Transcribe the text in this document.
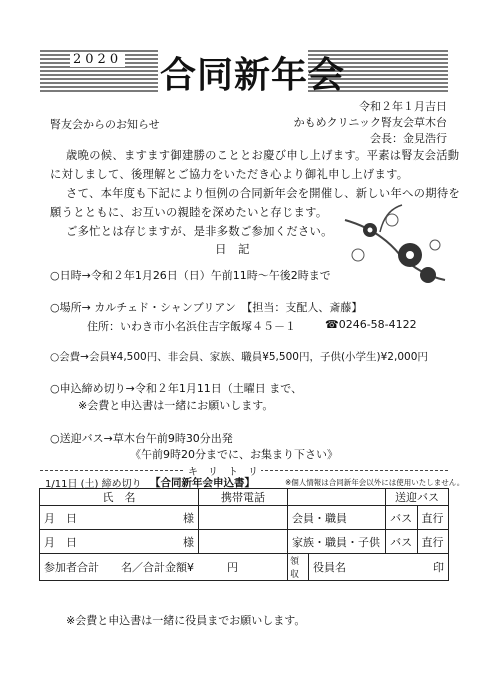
2020 合同新年会
令和２年１月吉日
かもめクリニック腎友会草木台
会長：金見浩行
腎友会からのお知らせ
歳晩の候、ますます御建勝のこととお慶び申し上げます。平素は腎友会活動
に対しまして、後理解とご協力をいただき心より御礼申し上げます。
さて、本年度も下記により恒例の合同新年会を開催し、新しい年への期待を
願うとともに、お互いの親睦を深めたいと存じます。
ご多忙とは存じますが、是非多数ご参加ください。
日　記
○日時→令和２年1月26日（日）午前11時～午後2時まで
○場所→ カルチェド・シャンブリアン　【担当：支配人、斎藤】
住所：いわき市小名浜住吉字飯塚４５－１	☎0246-58-4122
○会費→会員¥4,500円、非会員、家族、職員¥5,500円，子供(小学生)¥2,000円
○申込締め切り→令和２年1月11日（土曜日 まで、
※会費と申込書は一緒にお願いします。
○送迎バス→草木台午前9時30分出発
《午前9時20分までに、お集まり下さい》
キ　リ　ト　リ
1/11日 (土) 締め切り 【合同新年会申込書】	※個人情報は合同新年会以外には使用いたしません。
氏　名	携帯電話			送迎バス	
月　日 様		会員・職員		バス	直行
月　日 様		家族・職員・子供		バス	直行
参加者合計　　名／合計金額¥　　　円		領収	役員名 印		
※会費と申込書は一緒に役員までお願いします。
